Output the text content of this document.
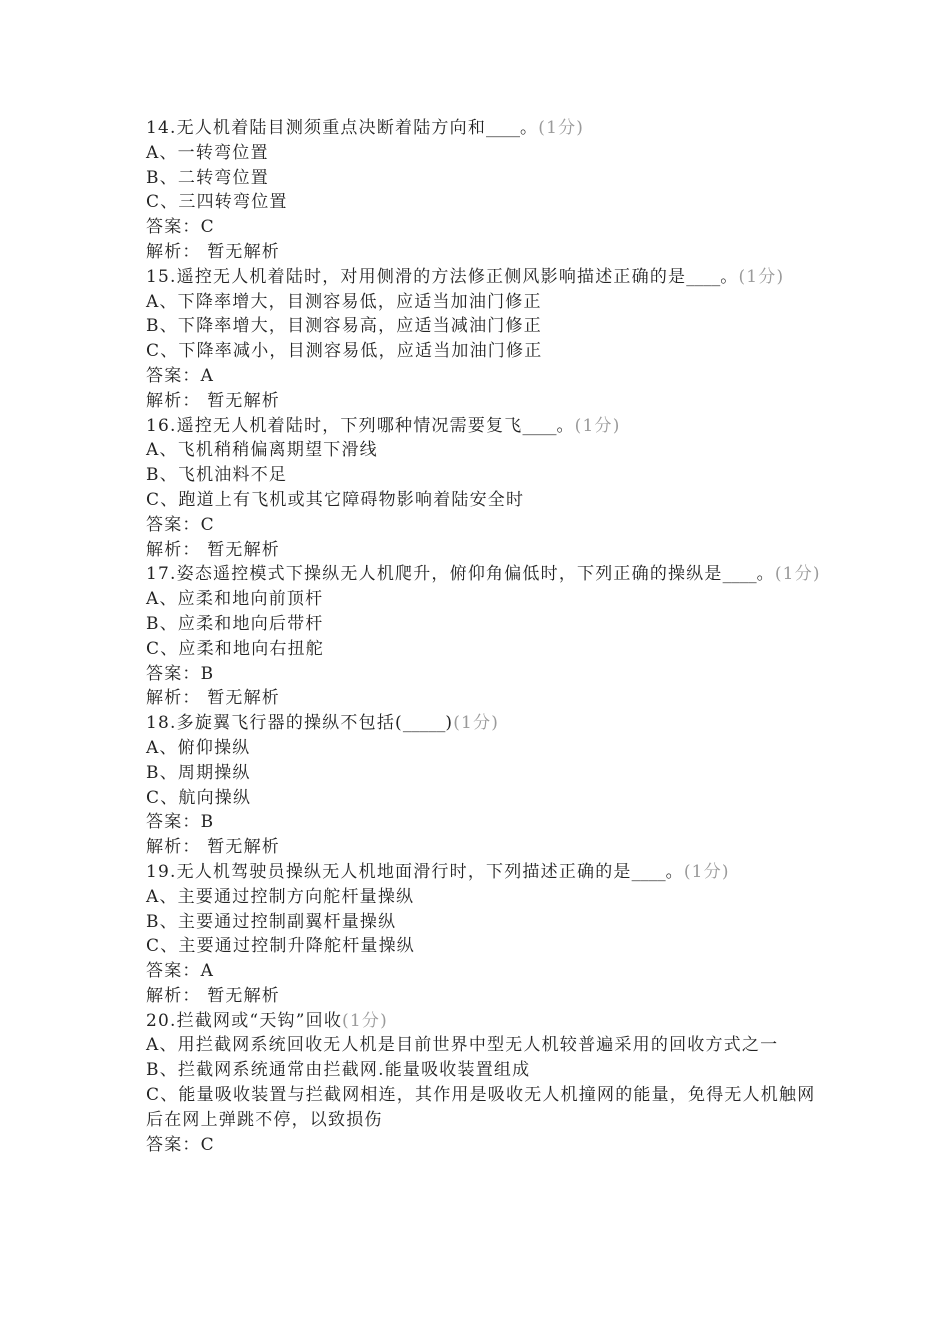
14.无人机着陆目测须重点决断着陆方向和____。(1分)
A、一转弯位置
B、二转弯位置
C、三四转弯位置
答案：C
解析： 暂无解析
15.遥控无人机着陆时，对用侧滑的方法修正侧风影响描述正确的是____。(1分)
A、下降率增大，目测容易低，应适当加油门修正
B、下降率增大，目测容易高，应适当减油门修正
C、下降率减小，目测容易低，应适当加油门修正
答案：A
解析： 暂无解析
16.遥控无人机着陆时，下列哪种情况需要复飞____。(1分)
A、飞机稍稍偏离期望下滑线
B、飞机油料不足
C、跑道上有飞机或其它障碍物影响着陆安全时
答案：C
解析： 暂无解析
17.姿态遥控模式下操纵无人机爬升，俯仰角偏低时，下列正确的操纵是____。(1分)
A、应柔和地向前顶杆
B、应柔和地向后带杆
C、应柔和地向右扭舵
答案：B
解析： 暂无解析
18.多旋翼飞行器的操纵不包括(_____)(1分)
A、俯仰操纵
B、周期操纵
C、航向操纵
答案：B
解析： 暂无解析
19.无人机驾驶员操纵无人机地面滑行时，下列描述正确的是____。(1分)
A、主要通过控制方向舵杆量操纵
B、主要通过控制副翼杆量操纵
C、主要通过控制升降舵杆量操纵
答案：A
解析： 暂无解析
20.拦截网或“天钩”回收(1分)
A、用拦截网系统回收无人机是目前世界中型无人机较普遍采用的回收方式之一
B、拦截网系统通常由拦截网.能量吸收装置组成
C、能量吸收装置与拦截网相连，其作用是吸收无人机撞网的能量，免得无人机触网后在网上弹跳不停，以致损伤
答案：C
